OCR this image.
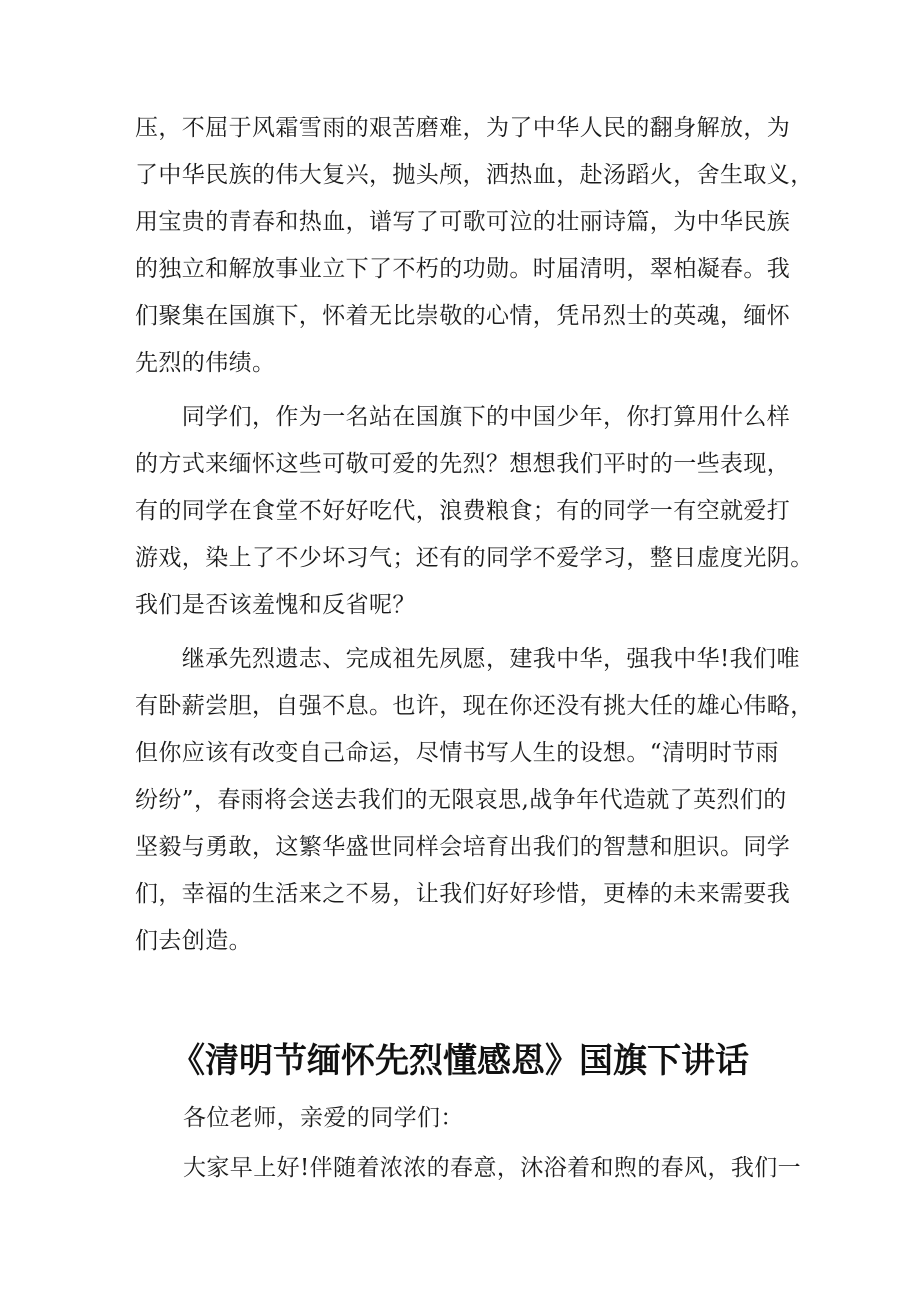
压，不屈于风霜雪雨的艰苦磨难，为了中华人民的翻身解放，为
了中华民族的伟大复兴，抛头颅，洒热血，赴汤蹈火，舍生取义，
用宝贵的青春和热血，谱写了可歌可泣的壮丽诗篇，为中华民族
的独立和解放事业立下了不朽的功勋。时届清明，翠柏凝春。我
们聚集在国旗下，怀着无比崇敬的心情，凭吊烈士的英魂，缅怀
先烈的伟绩。
　　同学们，作为一名站在国旗下的中国少年，你打算用什么样
的方式来缅怀这些可敬可爱的先烈？想想我们平时的一些表现，
有的同学在食堂不好好吃代，浪费粮食；有的同学一有空就爱打
游戏，染上了不少坏习气；还有的同学不爱学习，整日虚度光阴。
我们是否该羞愧和反省呢？
　　继承先烈遗志、完成祖先夙愿，建我中华，强我中华!我们唯
有卧薪尝胆，自强不息。也许，现在你还没有挑大任的雄心伟略，
但你应该有改变自己命运，尽情书写人生的设想。“清明时节雨
纷纷”，春雨将会送去我们的无限哀思,战争年代造就了英烈们的
坚毅与勇敢，这繁华盛世同样会培育出我们的智慧和胆识。同学
们，幸福的生活来之不易，让我们好好珍惜，更棒的未来需要我
们去创造。
《清明节缅怀先烈懂感恩》国旗下讲话
各位老师，亲爱的同学们：
大家早上好!伴随着浓浓的春意，沐浴着和煦的春风，我们一
